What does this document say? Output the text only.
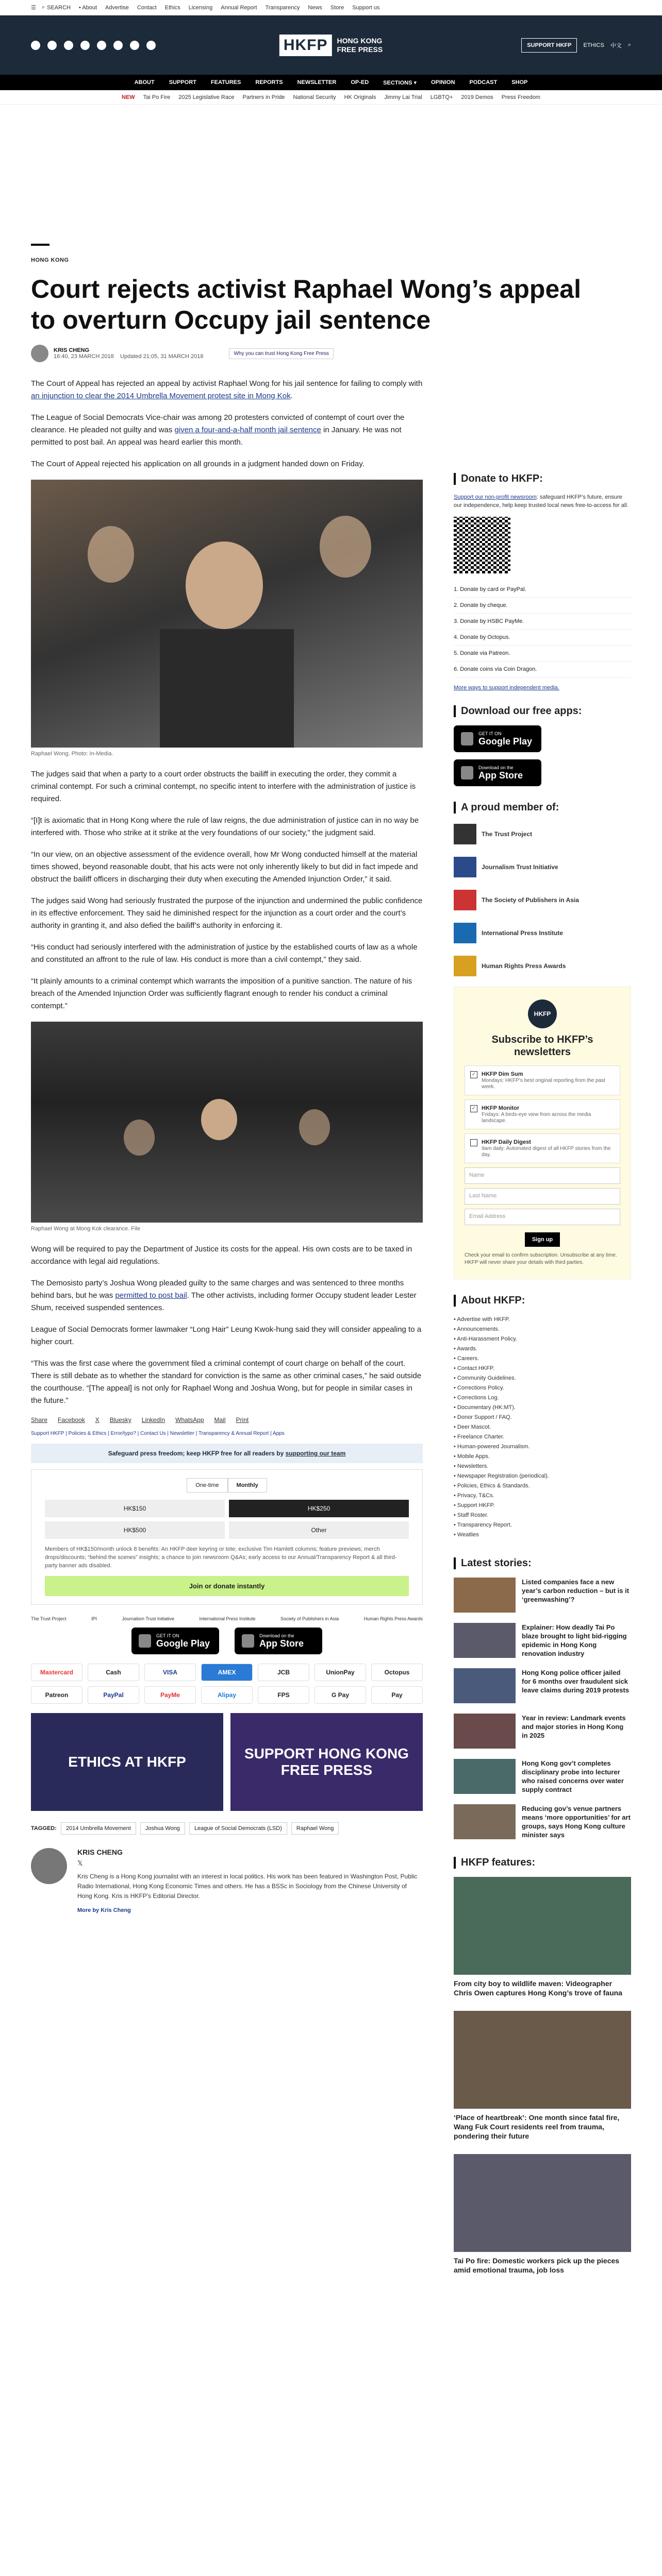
☰
⌕ SEARCH • About Advertise Contact Ethics Licensing Annual Report Transparency News Store Support us
HKFP	HONG KONG
FREE PRESS	SUPPORT HKFP	ETHICS 中文 ⌕
ABOUT	SUPPORT	FEATURES	REPORTS	NEWSLETTER	OP-ED	SECTIONS ▾	OPINION	PODCAST	SHOP
NEW Tai Po Fire 2025 Legislative Race Partners in Pride National Security HK Originals Jimmy Lai Trial LGBTQ+ 2019 Demos Press Freedom
HONG KONG
Court rejects activist Raphael Wong’s appeal to overturn Occupy jail sentence
KRIS CHENG
16:40, 23 MARCH 2018 Updated 21:05, 31 MARCH 2018	Why you can trust Hong Kong Free Press

The Court of Appeal has rejected an appeal by activist Raphael Wong for his jail sentence for failing to comply with an injunction to clear the 2014 Umbrella Movement protest site in Mong Kok.

The League of Social Democrats Vice-chair was among 20 protesters convicted of contempt of court over the clearance. He pleaded not guilty and was given a four-and-a-half month jail sentence in January. He was not permitted to post bail. An appeal was heard earlier this month.

The Court of Appeal rejected his application on all grounds in a judgment handed down on Friday.

Raphael Wong. Photo: In-Media.

The judges said that when a party to a court order obstructs the bailiff in executing the order, they commit a criminal contempt. For such a criminal contempt, no specific intent to interfere with the administration of justice is required.

“[I]t is axiomatic that in Hong Kong where the rule of law reigns, the due administration of justice can in no way be interfered with. Those who strike at it strike at the very foundations of our society,” the judgment said.

“In our view, on an objective assessment of the evidence overall, how Mr Wong conducted himself at the material times showed, beyond reasonable doubt, that his acts were not only inherently likely to but did in fact impede and obstruct the bailiff officers in discharging their duty when executing the Amended Injunction Order,” it said.

The judges said Wong had seriously frustrated the purpose of the injunction and undermined the public confidence in its effective enforcement. They said he diminished respect for the injunction as a court order and the court’s authority in granting it, and also defied the bailiff’s authority in enforcing it.

“His conduct had seriously interfered with the administration of justice by the established courts of law as a whole and constituted an affront to the rule of law. His conduct is more than a civil contempt,” they said.

“It plainly amounts to a criminal contempt which warrants the imposition of a punitive sanction. The nature of his breach of the Amended Injunction Order was sufficiently flagrant enough to render his conduct a criminal contempt.”

Raphael Wong at Mong Kok clearance. File

Wong will be required to pay the Department of Justice its costs for the appeal. His own costs are to be taxed in accordance with legal aid regulations.

The Demosisto party’s Joshua Wong pleaded guilty to the same charges and was sentenced to three months behind bars, but he was permitted to post bail. The other activists, including former Occupy student leader Lester Shum, received suspended sentences.

League of Social Democrats former lawmaker “Long Hair” Leung Kwok-hung said they will consider appealing to a higher court.

“This was the first case where the government filed a criminal contempt of court charge on behalf of the court. There is still debate as to whether the standard for conviction is the same as other criminal cases,” he said outside the courthouse. “[The appeal] is not only for Raphael Wong and Joshua Wong, but for people in similar cases in the future.”

Share Facebook X Bluesky LinkedIn WhatsApp Mail Print
Support HKFP | Policies & Ethics | Error/typo? | Contact Us | Newsletter | Transparency & Annual Report | Apps
Safeguard press freedom; keep HKFP free for all readers by supporting our team
One-time	Monthly
HK$150	HK$250
HK$500	Other
Members of HK$150/month unlock 8 benefits: An HKFP deer keyring or tote; exclusive Tim Hamlett columns; feature previews; merch drops/discounts; “behind the scenes” insights; a chance to join newsroom Q&As; early access to our Annual/Transparency Report & all third-party banner ads disabled.
Join or donate instantly
The Trust Project	IPI	Journalism Trust Initiative	International Press Institute	Society of Publishers in Asia	Human Rights Press Awards
GET IT ON
Google Play
Download on the
App Store
Mastercard	Cash	VISA	AMEX	JCB	UnionPay	Octopus
Patreon	PayPal	PayMe	Alipay	FPS	G Pay	Pay
ETHICS AT HKFP
SUPPORT HONG KONG FREE PRESS
TAGGED:	2014 Umbrella Movement	Joshua Wong	League of Social Democrats (LSD)	Raphael Wong
KRIS CHENG
𝕏

Kris Cheng is a Hong Kong journalist with an interest in local politics. His work has been featured in Washington Post, Public Radio International, Hong Kong Economic Times and others. He has a BSSc in Sociology from the Chinese University of Hong Kong. Kris is HKFP’s Editorial Director.

More by Kris Cheng
Donate to HKFP:
Support our non-profit newsroom: safeguard HKFP’s future, ensure our independence, help keep trusted local news free-to-access for all.
1. Donate by card or PayPal.
2. Donate by cheque.
3. Donate by HSBC PayMe.
4. Donate by Octopus.
5. Donate via Patreon.
6. Donate coins via Coin Dragon.
More ways to support independent media.
Download our free apps:
GET IT ON
Google Play
Download on the
App Store
A proud member of:
The Trust Project
Journalism Trust Initiative
The Society of Publishers in Asia
International Press Institute
Human Rights Press Awards
HKFP
Subscribe to HKFP’s newsletters
✓ HKFP Dim Sum
Mondays: HKFP’s best original reporting from the past week.
✓ HKFP Monitor
Fridays: A birds-eye view from across the media landscape.
HKFP Daily Digest
9am daily: Automated digest of all HKFP stories from the day.
Name
Last Name
Email Address
Sign up
Check your email to confirm subscription. Unsubscribe at any time. HKFP will never share your details with third parties.
About HKFP:
• Advertise with HKFP.
• Announcements.
• Anti-Harassment Policy.
• Awards.
• Careers.
• Contact HKFP.
• Community Guidelines.
• Corrections Policy.
• Corrections Log.
• Documentary (HK:MT).
• Donor Support / FAQ.
• Deer Mascot.
• Freelance Charter.
• Human-powered Journalism.
• Mobile Apps.
• Newsletters.
• Newspaper Registration (periodical).
• Policies, Ethics & Standards.
• Privacy, T&Cs.
• Support HKFP.
• Staff Roster.
• Transparency Report.
• Weatlies
Latest stories:

Listed companies face a new year’s carbon reduction – but is it ‘greenwashing’?

Explainer: How deadly Tai Po blaze brought to light bid-rigging epidemic in Hong Kong renovation industry

Hong Kong police officer jailed for 6 months over fraudulent sick leave claims during 2019 protests

Year in review: Landmark events and major stories in Hong Kong in 2025

Hong Kong gov’t completes disciplinary probe into lecturer who raised concerns over water supply contract

Reducing gov’s venue partners means ‘more opportunities’ for art groups, says Hong Kong culture minister says

HKFP features:

From city boy to wildlife maven: Videographer Chris Owen captures Hong Kong’s trove of fauna

‘Place of heartbreak’: One month since fatal fire, Wang Fuk Court residents reel from trauma, pondering their future

Tai Po fire: Domestic workers pick up the pieces amid emotional trauma, job loss
